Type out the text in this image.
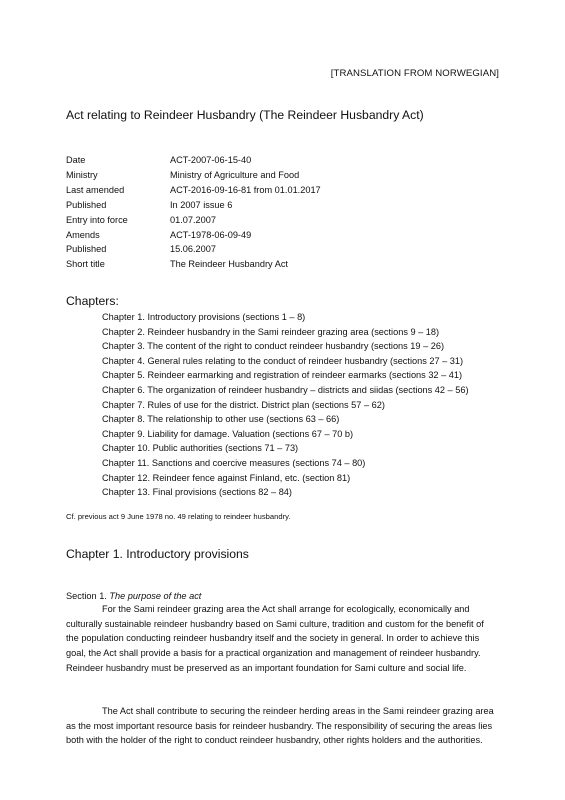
[TRANSLATION FROM NORWEGIAN]
Act relating to Reindeer Husbandry (The Reindeer Husbandry Act)
Date	ACT-2007-06-15-40
Ministry	Ministry of Agriculture and Food
Last amended	ACT-2016-09-16-81 from 01.01.2017
Published	In 2007 issue 6
Entry into force	01.07.2007
Amends	ACT-1978-06-09-49
Published	15.06.2007
Short title	The Reindeer Husbandry Act
Chapters:
Chapter 1. Introductory provisions (sections 1 – 8)
Chapter 2. Reindeer husbandry in the Sami reindeer grazing area (sections 9 – 18)
Chapter 3. The content of the right to conduct reindeer husbandry (sections 19 – 26)
Chapter 4. General rules relating to the conduct of reindeer husbandry (sections 27 – 31)
Chapter 5. Reindeer earmarking and registration of reindeer earmarks (sections 32 – 41)
Chapter 6. The organization of reindeer husbandry – districts and siidas (sections 42 – 56)
Chapter 7. Rules of use for the district. District plan (sections 57 – 62)
Chapter 8. The relationship to other use (sections 63 – 66)
Chapter 9. Liability for damage. Valuation (sections 67 – 70 b)
Chapter 10. Public authorities (sections 71 – 73)
Chapter 11. Sanctions and coercive measures (sections 74 – 80)
Chapter 12. Reindeer fence against Finland, etc. (section 81)
Chapter 13. Final provisions (sections 82 – 84)
Cf. previous act 9 June 1978 no. 49 relating to reindeer husbandry.
Chapter 1. Introductory provisions
Section 1. The purpose of the act
For the Sami reindeer grazing area the Act shall arrange for ecologically, economically and culturally sustainable reindeer husbandry based on Sami culture, tradition and custom for the benefit of the population conducting reindeer husbandry itself and the society in general. In order to achieve this goal, the Act shall provide a basis for a practical organization and management of reindeer husbandry. Reindeer husbandry must be preserved as an important foundation for Sami culture and social life.
The Act shall contribute to securing the reindeer herding areas in the Sami reindeer grazing area as the most important resource basis for reindeer husbandry. The responsibility of securing the areas lies both with the holder of the right to conduct reindeer husbandry, other rights holders and the authorities.
